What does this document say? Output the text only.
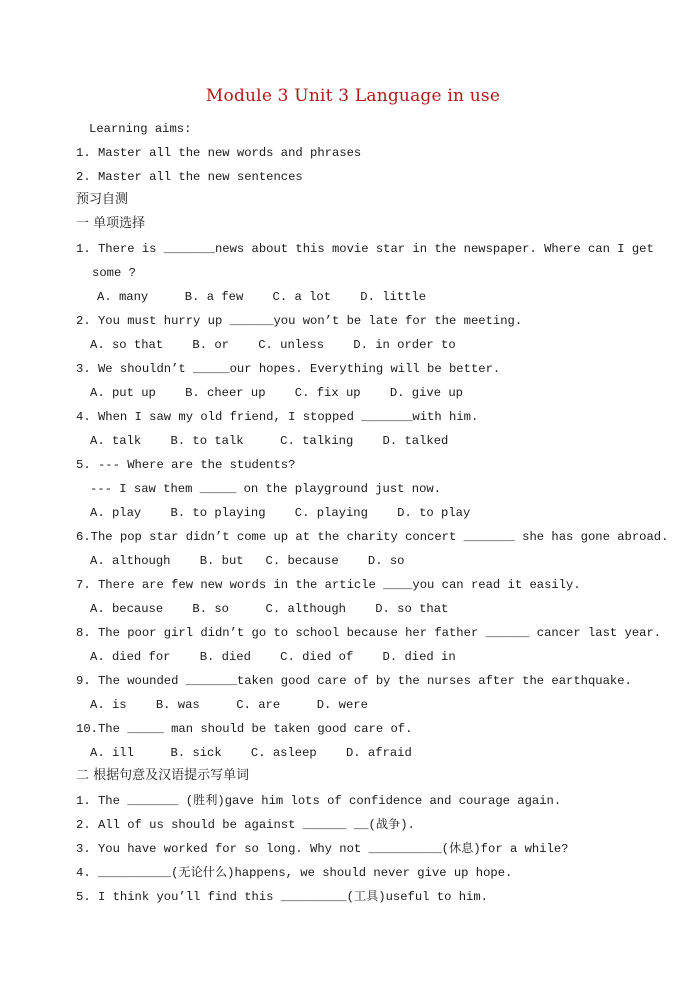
Module 3 Unit 3 Language in use
Learning aims:
1. Master all the new words and phrases
2. Master all the new sentences
预习自测
一 单项选择
1. There is _______news about this movie star in the newspaper. Where can I get
some ?
A. many     B. a few    C. a lot    D. little
2. You must hurry up ______you won’t be late for the meeting.
A. so that    B. or    C. unless    D. in order to
3. We shouldn’t _____our hopes. Everything will be better.
A. put up    B. cheer up    C. fix up    D. give up
4. When I saw my old friend, I stopped _______with him.
A. talk    B. to talk     C. talking    D. talked
5. --- Where are the students?
--- I saw them _____ on the playground just now.
A. play    B. to playing    C. playing    D. to play
6.The pop star didn’t come up at the charity concert _______ she has gone abroad.
A. although    B. but   C. because    D. so
7. There are few new words in the article ____you can read it easily.
A. because    B. so     C. although    D. so that
8. The poor girl didn’t go to school because her father ______ cancer last year.
A. died for    B. died    C. died of    D. died in
9. The wounded _______taken good care of by the nurses after the earthquake.
A. is    B. was     C. are     D. were
10.The _____ man should be taken good care of.
A. ill     B. sick    C. asleep    D. afraid
二 根据句意及汉语提示写单词
1. The _______ (胜利)gave him lots of confidence and courage again.
2. All of us should be against ______ __(战争).
3. You have worked for so long. Why not __________(休息)for a while?
4. __________(无论什么)happens, we should never give up hope.
5. I think you’ll find this _________(工具)useful to him.
